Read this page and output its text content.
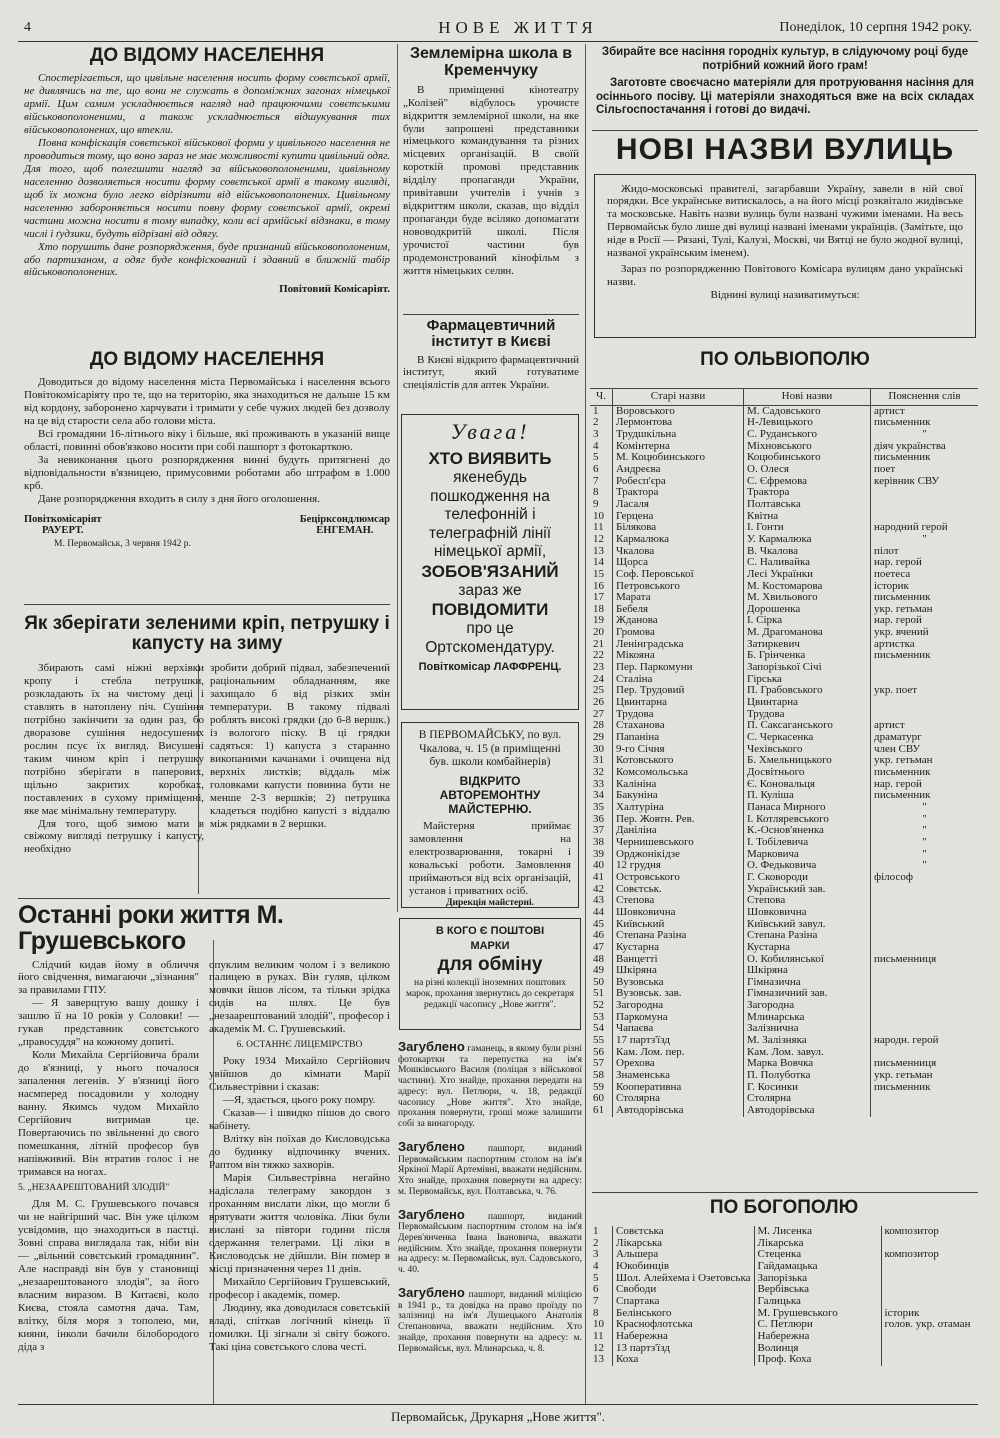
4	НОВЕ ЖИТТЯ	Понеділок, 10 серпня 1942 року.
ДО ВІДОМУ НАСЕЛЕННЯ

Спостерігається, що цивільне населення носить форму совєтської армії, не дивлячись на те, що вони не служать в допоміжних загонах німецької армії. Цим самим ускладнюється нагляд над працюючими совєтськими військовополоненими, а також ускладнюється відшукування тих військовополонених, що втекли.

Повна конфіскація совєтської військової форми у цивільного населення не проводиться тому, що воно зараз не має можливості купити цивільний одяг. Для того, щоб полегшити нагляд за військовополоненими, цивільному населенню дозволяється носити форму совєтської армії в такому вигляді, щоб їх можна було легко відрізнити від військовополонених. Цивільному населенню забороняється носити повну форму совєтської армії, окремі частини можна носити в тому випадку, коли всі армійські відзнаки, в тому числі і ґудзики, будуть відрізані від одягу.

Хто порушить дане розпорядження, буде признаний військовополоненим, або партизаном, а одяг буде конфіскований і здавний в ближній табір військовополонених.

Повітовий Комісаріят.

ДО ВІДОМУ НАСЕЛЕННЯ

Доводиться до відому населення міста Первомайська і населення всього Повітокомісаріяту про те, що на територію, яка знаходиться не дальше 15 км від кордону, заборонено харчувати і тримати у себе чужих людей без дозволу на це від старости села або голови міста.

Всі громадяни 16-літнього віку і більше, які проживають в указаній вище області, повинні обов'язково носити при собі пашпорт з фотокарткою.

За невиконання цього розпорядження винні будуть притягнені до відповідальности в'язницею, примусовими роботами або штрафом в 1.000 крб.

Дане розпорядження входить в силу з дня його оголошення.

Повіткомісаріят
РАУЕРТ.
Бецірксондлюмсар
ЕНГЕМАН.

М. Первомайськ, 3 червня 1942 р.

Як зберігати зеленими кріп, петрушку і капусту на зиму

Збирають самі ніжні верхівки кропу і стебла петрушки, розкладають їх на чистому деці і ставлять в натоплену піч. Сушіння потрібно закінчити за один раз, бо дворазове сушіння недосушених рослин псує їх вигляд. Висушені таким чином кріп і петрушку потрібно зберігати в паперових, щільно закритих коробках, поставлених в сухому приміщенні, яке має мінімальну температуру.

Для того, щоб зимою мати в свіжому вигляді петрушку і капусту, необхідно

зробити добрий підвал, забезпечений раціональним обладнанням, яке захищало б від різких змін температури. В такому підвалі роблять високі грядки (до 6-8 вершк.) із вологого піску. В ці грядки садяться: 1) капуста з старанно викопаними качанами і очищена від верхніх листків; віддаль між головками капусти повинна бути не менше 2-3 вершків; 2) петрушка кладеться подібно капусті з віддалю між рядками в 2 вершки.

Останні роки життя М. Грушевського

Слідчий кидав йому в обличчя його свідчення, вимагаючи „зізнання" за правилами ГПУ.

— Я заверщтую вашу дошку і зашлю її на 10 років у Соловки! — гукав представник совєтського „правосуддя" на кожному допиті.

Коли Михайла Сергійовича брали до в'язниці, у нього почалося запалення легенів. У в'язниці його насмперед посадовили у холодну ванну. Якимсь чудом Михайло Сергійович витримав це. Повертаючись по звільненні до свого помешкання, літній професор був напівживий. Він втратив голос і не тримався на ногах.

5. „НЕЗААРЕШТОВАНИЙ ЗЛОДІЙ"

Для М. С. Грушевського почався чи не найгірший час. Він уже цілком усвідомив, що знаходиться в пастці. Зовні справа виглядала так, ніби він — „вільний совєтський громадянин". Але насправді він був у становищі „незаарештованого злодія", за його власним виразом. В Китаєві, коло Києва, стояла самотня дача. Там, влітку, біля моря з тополею, ми, кияни, інколи бачили білобородого діда з

опуклим великим чолом і з великою палицею в руках. Він гуляв, цілком мовчки йшов лісом, та тільки зрідка сидів на шлях. Це був „незаарештований злодій", професор і академік М. С. Грушевський.

6. ОСТАННЄ ЛИЦЕМІРСТВО

Року 1934 Михайло Сергійович увійшов до кімнати Марії Сильвестрівни і сказав:

—Я, здається, цього року помру.

Сказав— і швидко пішов до свого кабінету.

Влітку він поїхав до Кисловодська до будинку відпочинку вчених. Раптом він тяжко захворів.

Марія Сильвестрівна негайно надіслала телеграму закордон з проханням вислати ліки, що могли б врятувати життя чоловіка. Ліки були вислані за півтори години після одержання телеграми. Ці ліки в Кисловодськ не дійшли. Він помер в місці призначення через 11 днів.

Михайло Сергійович Грушевський, професор і академік, помер.

Людину, яка доводилася совєтській владі, спіткав логічний кінець її помилки. Ці зігнали зі світу божого. Такі ціна совєтського слова честі.

Землемірна школа в Кременчуку

В приміщенні кінотеатру „Колізей" відбулось урочисте відкриття землемірної школи, на яке були запрошені представники німецького командування та різних місцевих організацій. В своїй короткій промові представник відділу пропаганди України, привітавши учителів і учнів з відкриттям школи, сказав, що відділ пропаганди буде всіляко допомагати нововодкритій школі. Після урочистої частини був продемонстрований кінофільм з життя німецьких селян.

Фармацевтичний інститут в Києві

В Києві відкрито фармацевтичний інститут, який готуватиме спеціялістів для аптек України.

Увага!
ХТО ВИЯВИТЬ
якенебудь пошкодження на телефонній і телеграфній лінії німецької армії,
ЗОБОВ'ЯЗАНИЙ
зараз же
ПОВІДОМИТИ
про це Ортскомендатуру.
Повіткомісар ЛАФФРЕНЦ.

В ПЕРВОМАЙСЬКУ, по вул. Чкалова, ч. 15 (в приміщенні був. школи комбайнерів)

ВІДКРИТО АВТОРЕМОНТНУ МАЙСТЕРНЮ.

Майстерня приймає замовлення на електрозварювання, токарні і ковальські роботи. Замовлення приймаються від всіх організацій, установ і приватних осіб.

Дирекція майстерні.

В КОГО Є ПОШТОВІ
МАРКИ
для обміну

на різні колекції іноземних поштових марок, прохання звернутись до секретаря редакції часопису „Нове життя".

Загублено гаманець, в якому були різні фотокартки та перепустка на ім'я Мошківського Василя (поліцая з військової частини). Хто знайде, прохання передати на адресу: вул. Петлюри, ч. 18, редакції часопису „Нове життя". Хто знайде, прохання повернути, гроші може залишити собі за винагороду.

Загублено пашпорт, виданий Первомайським паспортним столом на ім'я Яркіної Марії Артемівні, вважати недійсним. Хто знайде, прохання повернути на адресу: м. Первомайськ, вул. Полтавська, ч. 76.

Загублено пашпорт, виданий Первомайським паспортним столом на ім'я Дерев'янченка Івана Івановича, вважати недійсним. Хто знайде, прохання повернути на адресу: м. Первомайськ, вул. Садовського, ч. 40.

Загублено пашпорт, виданий міліцією в 1941 р., та довідка на право проїзду по залізниці на ім'я Лушецького Анатолія Степановича, вважати недійсним. Хто знайде, прохання повернути на адресу: м. Первомайськ, вул. Млинарська, ч. 8.

Збирайте все насіння городніх культур, в слідуючому році буде потрібний кожний його грам!

Заготовте своєчасно матеріяли для протруювання насіння для осіннього посіву. Ці матеріяли знаходяться вже на всіх складах Сільгоспостачання і готові до видачі.

НОВІ НАЗВИ ВУЛИЦЬ

Жидо-московські правителі, загарбавши Україну, завели в ній свої порядки. Все українське витискалось, а на його місці розквітало жидівське та московське. Навіть назви вулиць були названі чужими іменами. На весь Первомайськ було лише дві вулиці названі іменами українців. (Замітьте, що ніде в Росії — Рязані, Тулі, Калузі, Москві, чи Вятці не було жодної вулиці, названої українським іменем).

Зараз по розпорядженню Повітового Комісара вулицям дано українські назви.

Віднині вулиці називатимуться:

ПО ОЛЬВІОПОЛЮ
Ч.	Старі назви	Нові назви	Пояснення слів
1	Воровського	М. Садовського	артист
2	Лермонтова	Н-Левицького	письменник
3	Трудшкільна	С. Руданського	"
4	Комінтерна	Міхновського	діяч українства
5	М. Коцюбинського	Коцюбинського	письменник
6	Андреєва	О. Олеся	поет
7	Робесп'єра	С. Єфремова	керівник СВУ
8	Трактора	Трактора	
9	Ласаля	Полтавська	
10	Герцена	Квітна	
11	Бiлякова	І. Гонти	народний герой
12	Кармалюка	У. Кармалюка	"
13	Чкалова	В. Чкалова	пілот
14	Щорса	С. Наливайка	нар. герой
15	Соф. Перовської	Лесі Українки	поетеса
16	Петровського	М. Костомарова	історик
17	Марата	М. Хвильового	письменник
18	Бебеля	Дорошенка	укр. гетьман
19	Жданова	І. Сірка	нар. герой
20	Громова	М. Драгоманова	укр. вчений
21	Ленінградська	Затиркевич	артистка
22	Мікояна	Б. Грінченка	письменник
23	Пер. Паркомуни	Запорізької Січі	
24	Сталіна	Гірська	
25	Пер. Трудовий	П. Грабовського	укр. поет
26	Цвинтарна	Цвинтарна	
27	Трудова	Трудова	
28	Стаханова	П. Саксаганського	артист
29	Папаніна	С. Черкасенка	драматург
30	9-го Січня	Чехівського	член СВУ
31	Котовського	Б. Хмельницького	укр. гетьман
32	Комсомольська	Досвітнього	письменник
33	Калініна	Є. Коновальця	нар. герой
34	Бакуніна	П. Куліша	письменник
35	Халтуріна	Панаса Мирного	"
36	Пер. Жовтн. Рев.	І. Котляревського	"
37	Данiлiна	К.-Основ'яненка	"
38	Чернишевського	І. Тобілевича	"
39	Орджонікідзе	Марковича	"
40	12 грудня	О. Федьковича	"
41	Островського	Г. Сковороди	філософ
42	Совєтськ.	Український зав.	
43	Степова	Степова	
44	Шовковична	Шовковична	
45	Київський	Київський завул.	
46	Степана Разіна	Степана Разіна	
47	Кустарна	Кустарна	
48	Ванцетті	О. Кобилянської	письменниця
49	Шкіряна	Шкіряна	
50	Вузовська	Гімназична	
51	Вузовськ. зав.	Гімназичний зав.	
52	Загородна	Загородна	
53	Паркомуна	Млинарська	
54	Чапаєва	Залізнична	
55	17 партз'їзд	М. Залізняка	народн. герой
56	Кам. Лом. пер.	Кам. Лом. завул.	
57	Орехова	Марка Вовчка	письменниця
58	Знаменська	П. Полуботка	укр. гетьман
59	Кооперативна	Г. Косинки	письменник
60	Столярна	Столярна	
61	Автодорівська	Автодорівська	
ПО БОГОПОЛЮ
1	Совєтська	М. Лисенка	композитор
2	Лікарська	Лікарська	
3	Альшера	Стеценка	композитор
4	Юкобинців	Гайдамацька	
5	Шол. Алейхема і Озетовська	Запорізька	
6	Свободи	Вербівська	
7	Спартака	Галицька	
8	Белінського	М. Грушевського	історик
10	Краснофлотська	С. Петлюри	голов. укр. отаман
11	Набережна	Набережна	
12	13 партз'їзд	Волинця	
13	Коха	Проф. Коха	
Первомайськ, Друкарня „Нове життя".
